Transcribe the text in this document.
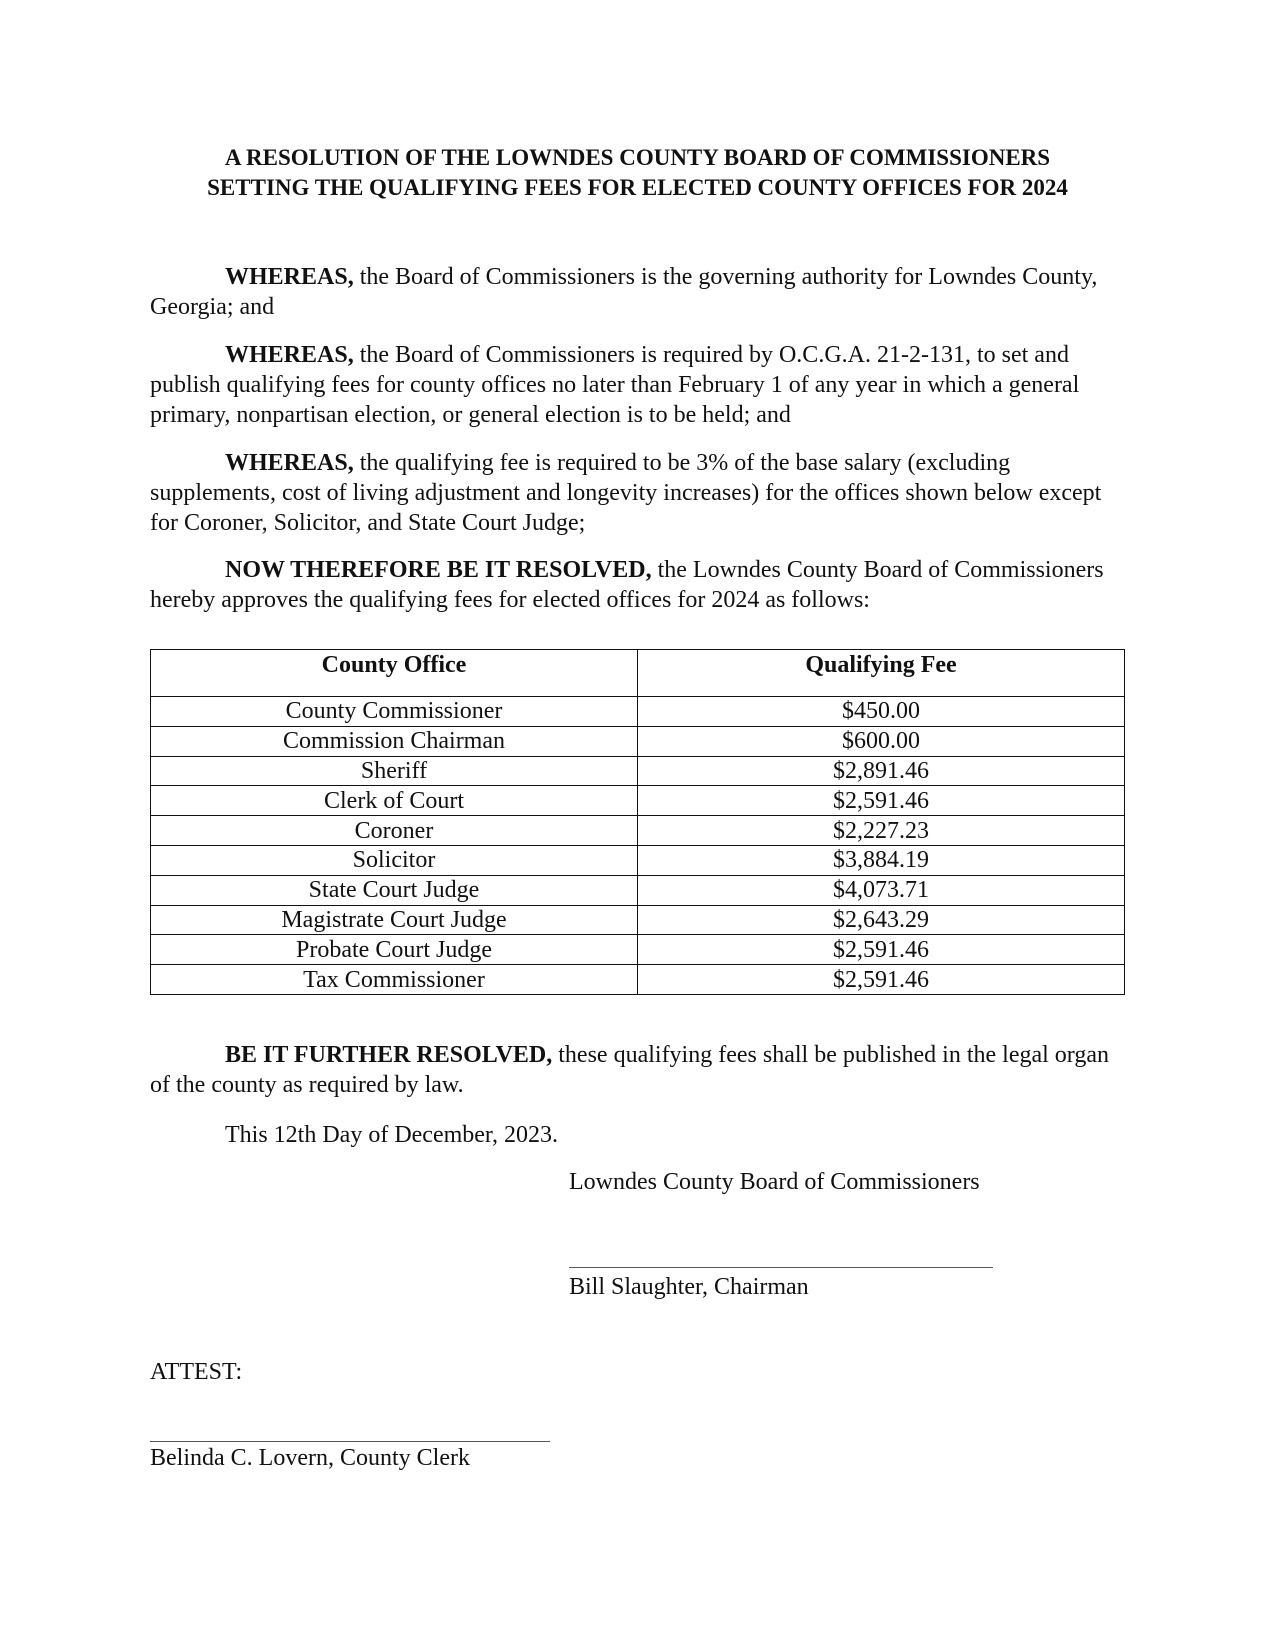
A RESOLUTION OF THE LOWNDES COUNTY BOARD OF COMMISSIONERS
SETTING THE QUALIFYING FEES FOR ELECTED COUNTY OFFICES FOR 2024

WHEREAS, the Board of Commissioners is the governing authority for Lowndes County, Georgia; and

WHEREAS, the Board of Commissioners is required by O.C.G.A. 21-2-131, to set and publish qualifying fees for county offices no later than February 1 of any year in which a general primary, nonpartisan election, or general election is to be held; and

WHEREAS, the qualifying fee is required to be 3% of the base salary (excluding supplements, cost of living adjustment and longevity increases) for the offices shown below except for Coroner, Solicitor, and State Court Judge;

NOW THEREFORE BE IT RESOLVED, the Lowndes County Board of Commissioners hereby approves the qualifying fees for elected offices for 2024 as follows:

County Office	Qualifying Fee
County Commissioner	$450.00
Commission Chairman	$600.00
Sheriff	$2,891.46
Clerk of Court	$2,591.46
Coroner	$2,227.23
Solicitor	$3,884.19
State Court Judge	$4,073.71
Magistrate Court Judge	$2,643.29
Probate Court Judge	$2,591.46
Tax Commissioner	$2,591.46

BE IT FURTHER RESOLVED, these qualifying fees shall be published in the legal organ of the county as required by law.

This 12th Day of December, 2023.
Lowndes County Board of Commissioners
Bill Slaughter, Chairman
ATTEST:
Belinda C. Lovern, County Clerk
